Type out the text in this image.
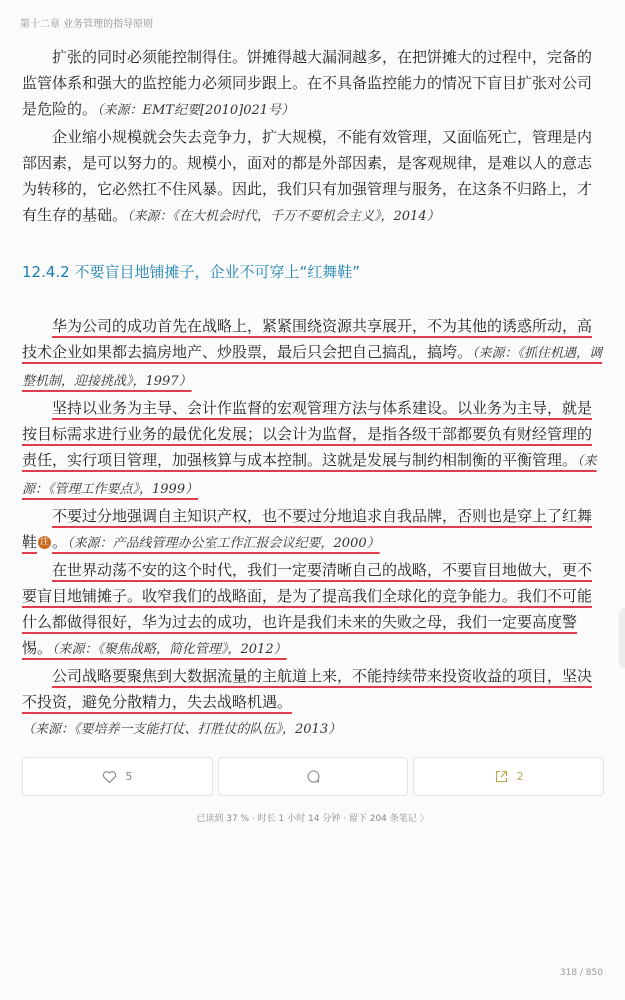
第十二章 业务管理的指导原则

扩张的同时必须能控制得住。饼摊得越大漏洞越多，在把饼摊大的过程中，完备的监管体系和强大的监控能力必须同步跟上。在不具备监控能力的情况下盲目扩张对公司是危险的。（来源：EMT纪要[2010]021号）

企业缩小规模就会失去竞争力，扩大规模，不能有效管理，又面临死亡，管理是内部因素，是可以努力的。规模小，面对的都是外部因素，是客观规律，是难以人的意志为转移的，它必然扛不住风暴。因此，我们只有加强管理与服务，在这条不归路上，才有生存的基础。（来源：《在大机会时代，千万不要机会主义》，2014）

12.4.2 不要盲目地铺摊子，企业不可穿上“红舞鞋”

华为公司的成功首先在战略上，紧紧围绕资源共享展开，不为其他的诱惑所动，高技术企业如果都去搞房地产、炒股票，最后只会把自己搞乱，搞垮。（来源：《抓住机遇，调整机制，迎接挑战》，1997）

坚持以业务为主导、会计作监督的宏观管理方法与体系建设。以业务为主导，就是按目标需求进行业务的最优化发展；以会计为监督，是指各级干部都要负有财经管理的责任，实行项目管理，加强核算与成本控制。这就是发展与制约相制衡的平衡管理。（来源：《管理工作要点》，1999）

不要过分地强调自主知识产权，也不要过分地追求自我品牌，否则也是穿上了红舞鞋 注 。（来源：产品线管理办公室工作汇报会议纪要，2000）

在世界动荡不安的这个时代，我们一定要清晰自己的战略，不要盲目地做大，更不要盲目地铺摊子。收窄我们的战略面，是为了提高我们全球化的竞争能力。我们不可能什么都做得很好，华为过去的成功，也许是我们未来的失败之母，我们一定要高度警惕。（来源：《聚焦战略，简化管理》，2012）

公司战略要聚焦到大数据流量的主航道上来，不能持续带来投资收益的项目，坚决不投资，避免分散精力，失去战略机遇。（来源：《要培养一支能打仗、打胜仗的队伍》，2013）

5	2
已读到 37 % · 时长 1 小时 14 分钟 · 留下 204 条笔记 〉
318 / 850
